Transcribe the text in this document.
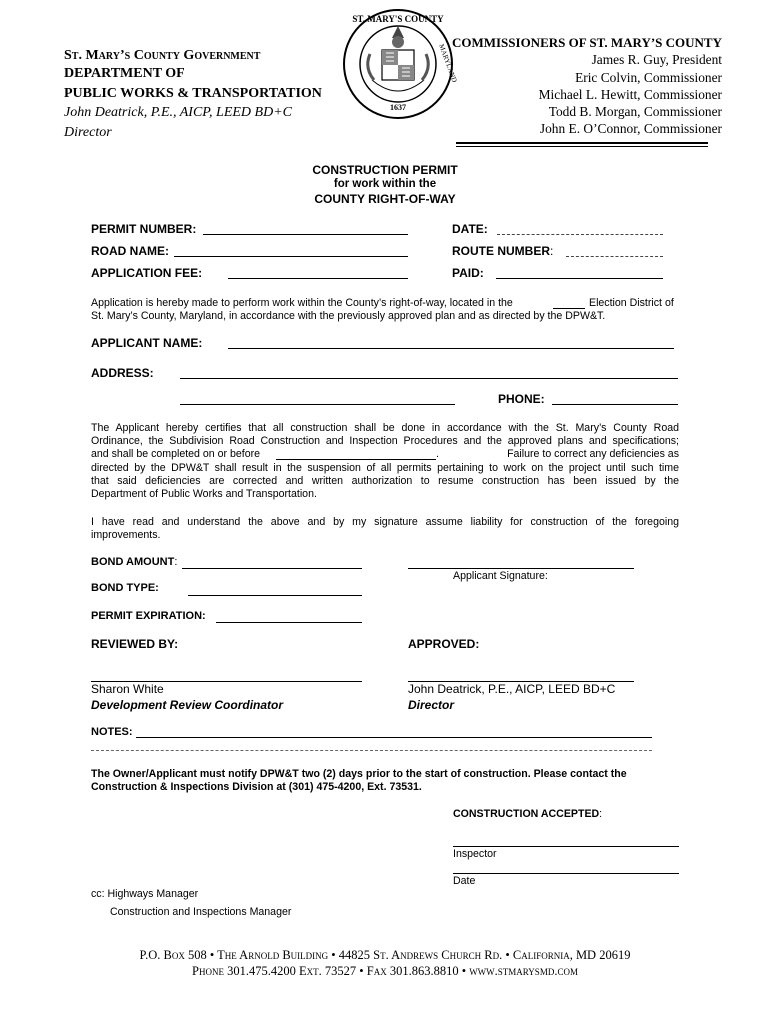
St. Mary’s County Government
DEPARTMENT OF
PUBLIC WORKS & TRANSPORTATION
John Deatrick, P.E., AICP, LEED BD+C
Director
ST. MARY'S COUNTY
MARYLAND
1637
COMMISSIONERS OF ST. MARY’S COUNTY
James R. Guy, President
Eric Colvin, Commissioner
Michael L. Hewitt, Commissioner
Todd B. Morgan, Commissioner
John E. O’Connor, Commissioner
CONSTRUCTION PERMIT
for work within the
COUNTY RIGHT-OF-WAY
PERMIT NUMBER:	DATE:
ROAD NAME:	ROUTE NUMBER:
APPLICATION FEE:	PAID:
Application is hereby made to perform work within the County’s right-of-way, located in the	Election District of
St. Mary’s County, Maryland, in accordance with the previously approved plan and as directed by the DPW&T.
APPLICANT NAME:
ADDRESS:
PHONE:
The Applicant hereby certifies that all construction shall be done in accordance with the St. Mary’s County Road
Ordinance, the Subdivision Road Construction and Inspection Procedures and the approved plans and specifications;
and shall be completed on or before	.	Failure to correct any deficiencies as
directed by the DPW&T shall result in the suspension of all permits pertaining to work on the project until such time
that said deficiencies are corrected and written authorization to resume construction has been issued by the
Department of Public Works and Transportation.
I have read and understand the above and by my signature assume liability for construction of the foregoing
improvements.
BOND AMOUNT:
Applicant Signature:
BOND TYPE:
PERMIT EXPIRATION:
REVIEWED BY:	APPROVED:
Sharon White
Development Review Coordinator
John Deatrick, P.E., AICP, LEED BD+C
Director
NOTES:
The Owner/Applicant must notify DPW&T two (2) days prior to the start of construction. Please contact the
Construction & Inspections Division at (301) 475-4200, Ext. 73531.
CONSTRUCTION ACCEPTED:
Inspector
Date
cc: Highways Manager
Construction and Inspections Manager
P.O. Box 508 • The Arnold Building • 44825 St. Andrews Church Rd. • California, MD 20619
Phone 301.475.4200 Ext. 73527 • Fax 301.863.8810 • www.stmarysmd.com
